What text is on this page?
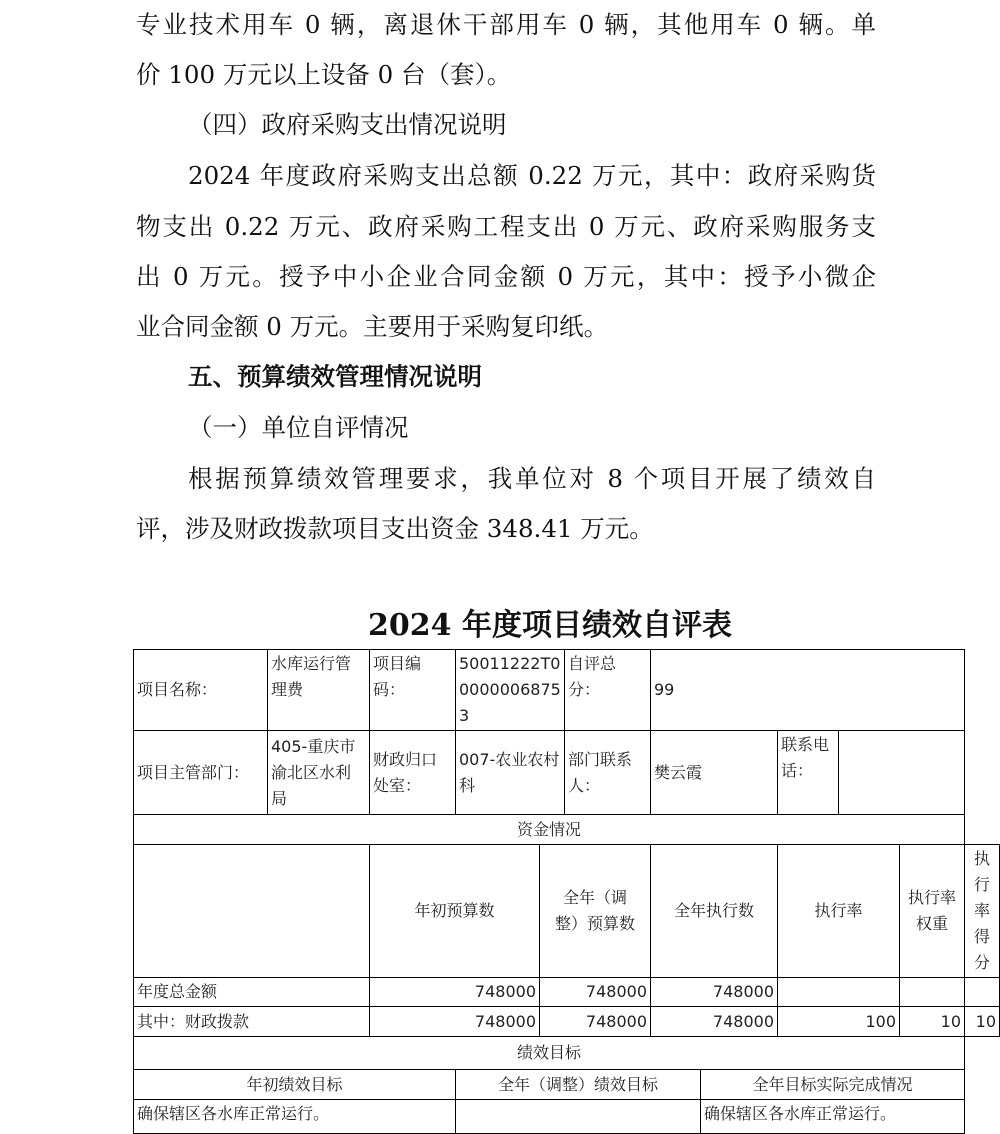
专业技术用车 0 辆，离退休干部用车 0 辆，其他用车 0 辆。单

价 100 万元以上设备 0 台（套）。

（四）政府采购支出情况说明

2024 年度政府采购支出总额 0.22 万元，其中：政府采购货

物支出 0.22 万元、政府采购工程支出 0 万元、政府采购服务支

出 0 万元。授予中小企业合同金额 0 万元，其中：授予小微企

业合同金额 0 万元。主要用于采购复印纸。

五、预算绩效管理情况说明

（一）单位自评情况

根据预算绩效管理要求，我单位对 8 个项目开展了绩效自

评，涉及财政拨款项目支出资金 348.41 万元。

2024 年度项目绩效自评表
项目名称：	水库运行管理费	项目编码：	50011222T000000068753		自评总分：	99					
项目主管部门：	405-重庆市渝北区水利局	财政归口处室：	007-农业农村科		部门联系人：	樊云霞		联系电话：			
资金情况											
		年初预算数		全年（调整）预算数		全年执行数		执行率		执行率权重	执行率得分
年度总金额		748000		748000		748000					
其中：财政拨款		748000		748000		748000		100		10	10
绩效目标											
年初绩效目标			全年（调整）绩效目标				全年目标实际完成情况				
确保辖区各水库正常运行。							确保辖区各水库正常运行。				
